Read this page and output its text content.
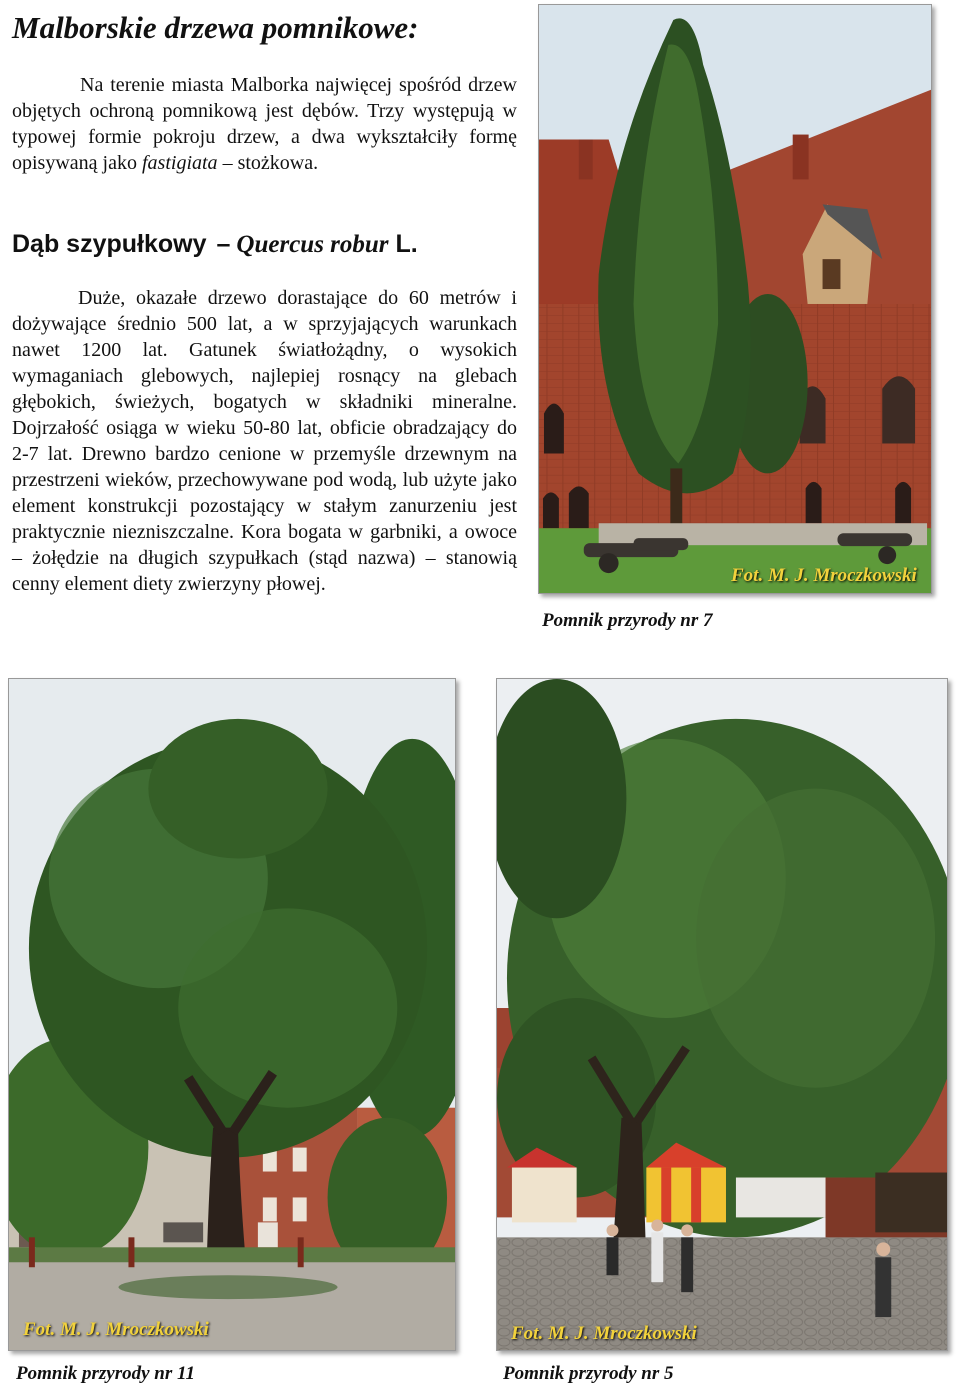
Malborskie drzewa pomnikowe:

Na terenie miasta Malborka najwięcej spośród drzew objętych ochroną pomnikową jest dębów. Trzy występują w typowej formie pokroju drzew, a dwa wykształciły formę opisywaną jako fastigiata – stożkowa.

Dąb szypułkowy – Quercus robur L.

Duże, okazałe drzewo dorastające do 60 metrów i dożywające średnio 500 lat, a w sprzyjających warunkach nawet 1200 lat. Gatunek światłożądny, o wysokich wymaganiach glebowych, najlepiej rosnący na glebach głębokich, świeżych, bogatych w składniki mineralne. Dojrzałość osiąga w wieku 50-80 lat, obficie obradzający do 2-7 lat. Drewno bardzo cenione w przemyśle drzewnym na przestrzeni wieków, przechowywane pod wodą, lub użyte jako element konstrukcji pozostający w stałym zanurzeniu jest praktycznie niezniszczalne. Kora bogata w garbniki, a owoce – żołędzie na długich szypułkach (stąd nazwa) – stanowią cenny element diety zwierzyny płowej.	Fot. M. J. Mroczkowski
Pomnik przyrody nr 7
Fot. M. J. Mroczkowski
Pomnik przyrody nr 11
Fot. M. J. Mroczkowski
Pomnik przyrody nr 5
